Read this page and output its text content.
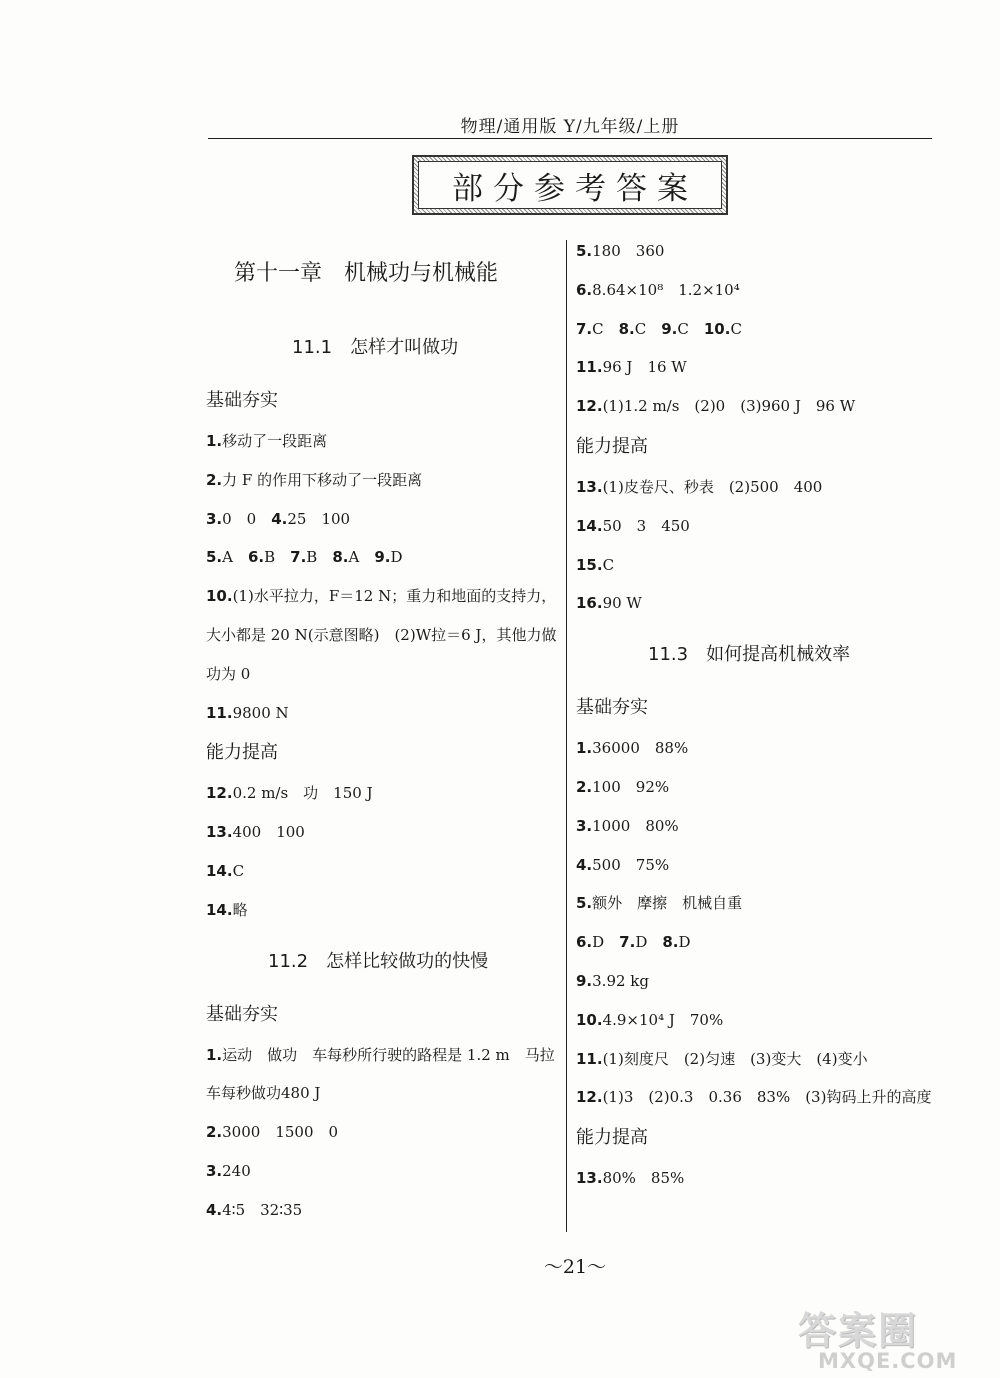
物理/通用版 Y/九年级/上册
部分参考答案
第十一章　机械功与机械能
11.1　怎样才叫做功
基础夯实
1.移动了一段距离
2.力 F 的作用下移动了一段距离
3.0　0　4.25　100
5.A　6.B　7.B　8.A　9.D
10.(1)水平拉力，F＝12 N；重力和地面的支持力，大小都是 20 N(示意图略)　(2)W拉＝6 J，其他力做功为 0
11.9800 N
能力提高
12.0.2 m/s　功　150 J
13.400　100
14.C
14.略
11.2　怎样比较做功的快慢
基础夯实
1.运动　做功　车每秒所行驶的路程是 1.2 m　马拉车每秒做功480 J
2.3000　1500　0
3.240
4.4∶5　32∶35
5.180　360
6.8.64×10⁸　1.2×10⁴
7.C　8.C　9.C　10.C
11.96 J　16 W
12.(1)1.2 m/s　(2)0　(3)960 J　96 W
能力提高
13.(1)皮卷尺、秒表　(2)500　400
14.50　3　450
15.C
16.90 W
11.3　如何提高机械效率
基础夯实
1.36000　88%
2.100　92%
3.1000　80%
4.500　75%
5.额外　摩擦　机械自重
6.D　7.D　8.D
9.3.92 kg
10.4.9×10⁴ J　70%
11.(1)刻度尺　(2)匀速　(3)变大　(4)变小
12.(1)3　(2)0.3　0.36　83%　(3)钩码上升的高度
能力提高
13.80%　85%
～21～
答案圈
MXQE.COM
